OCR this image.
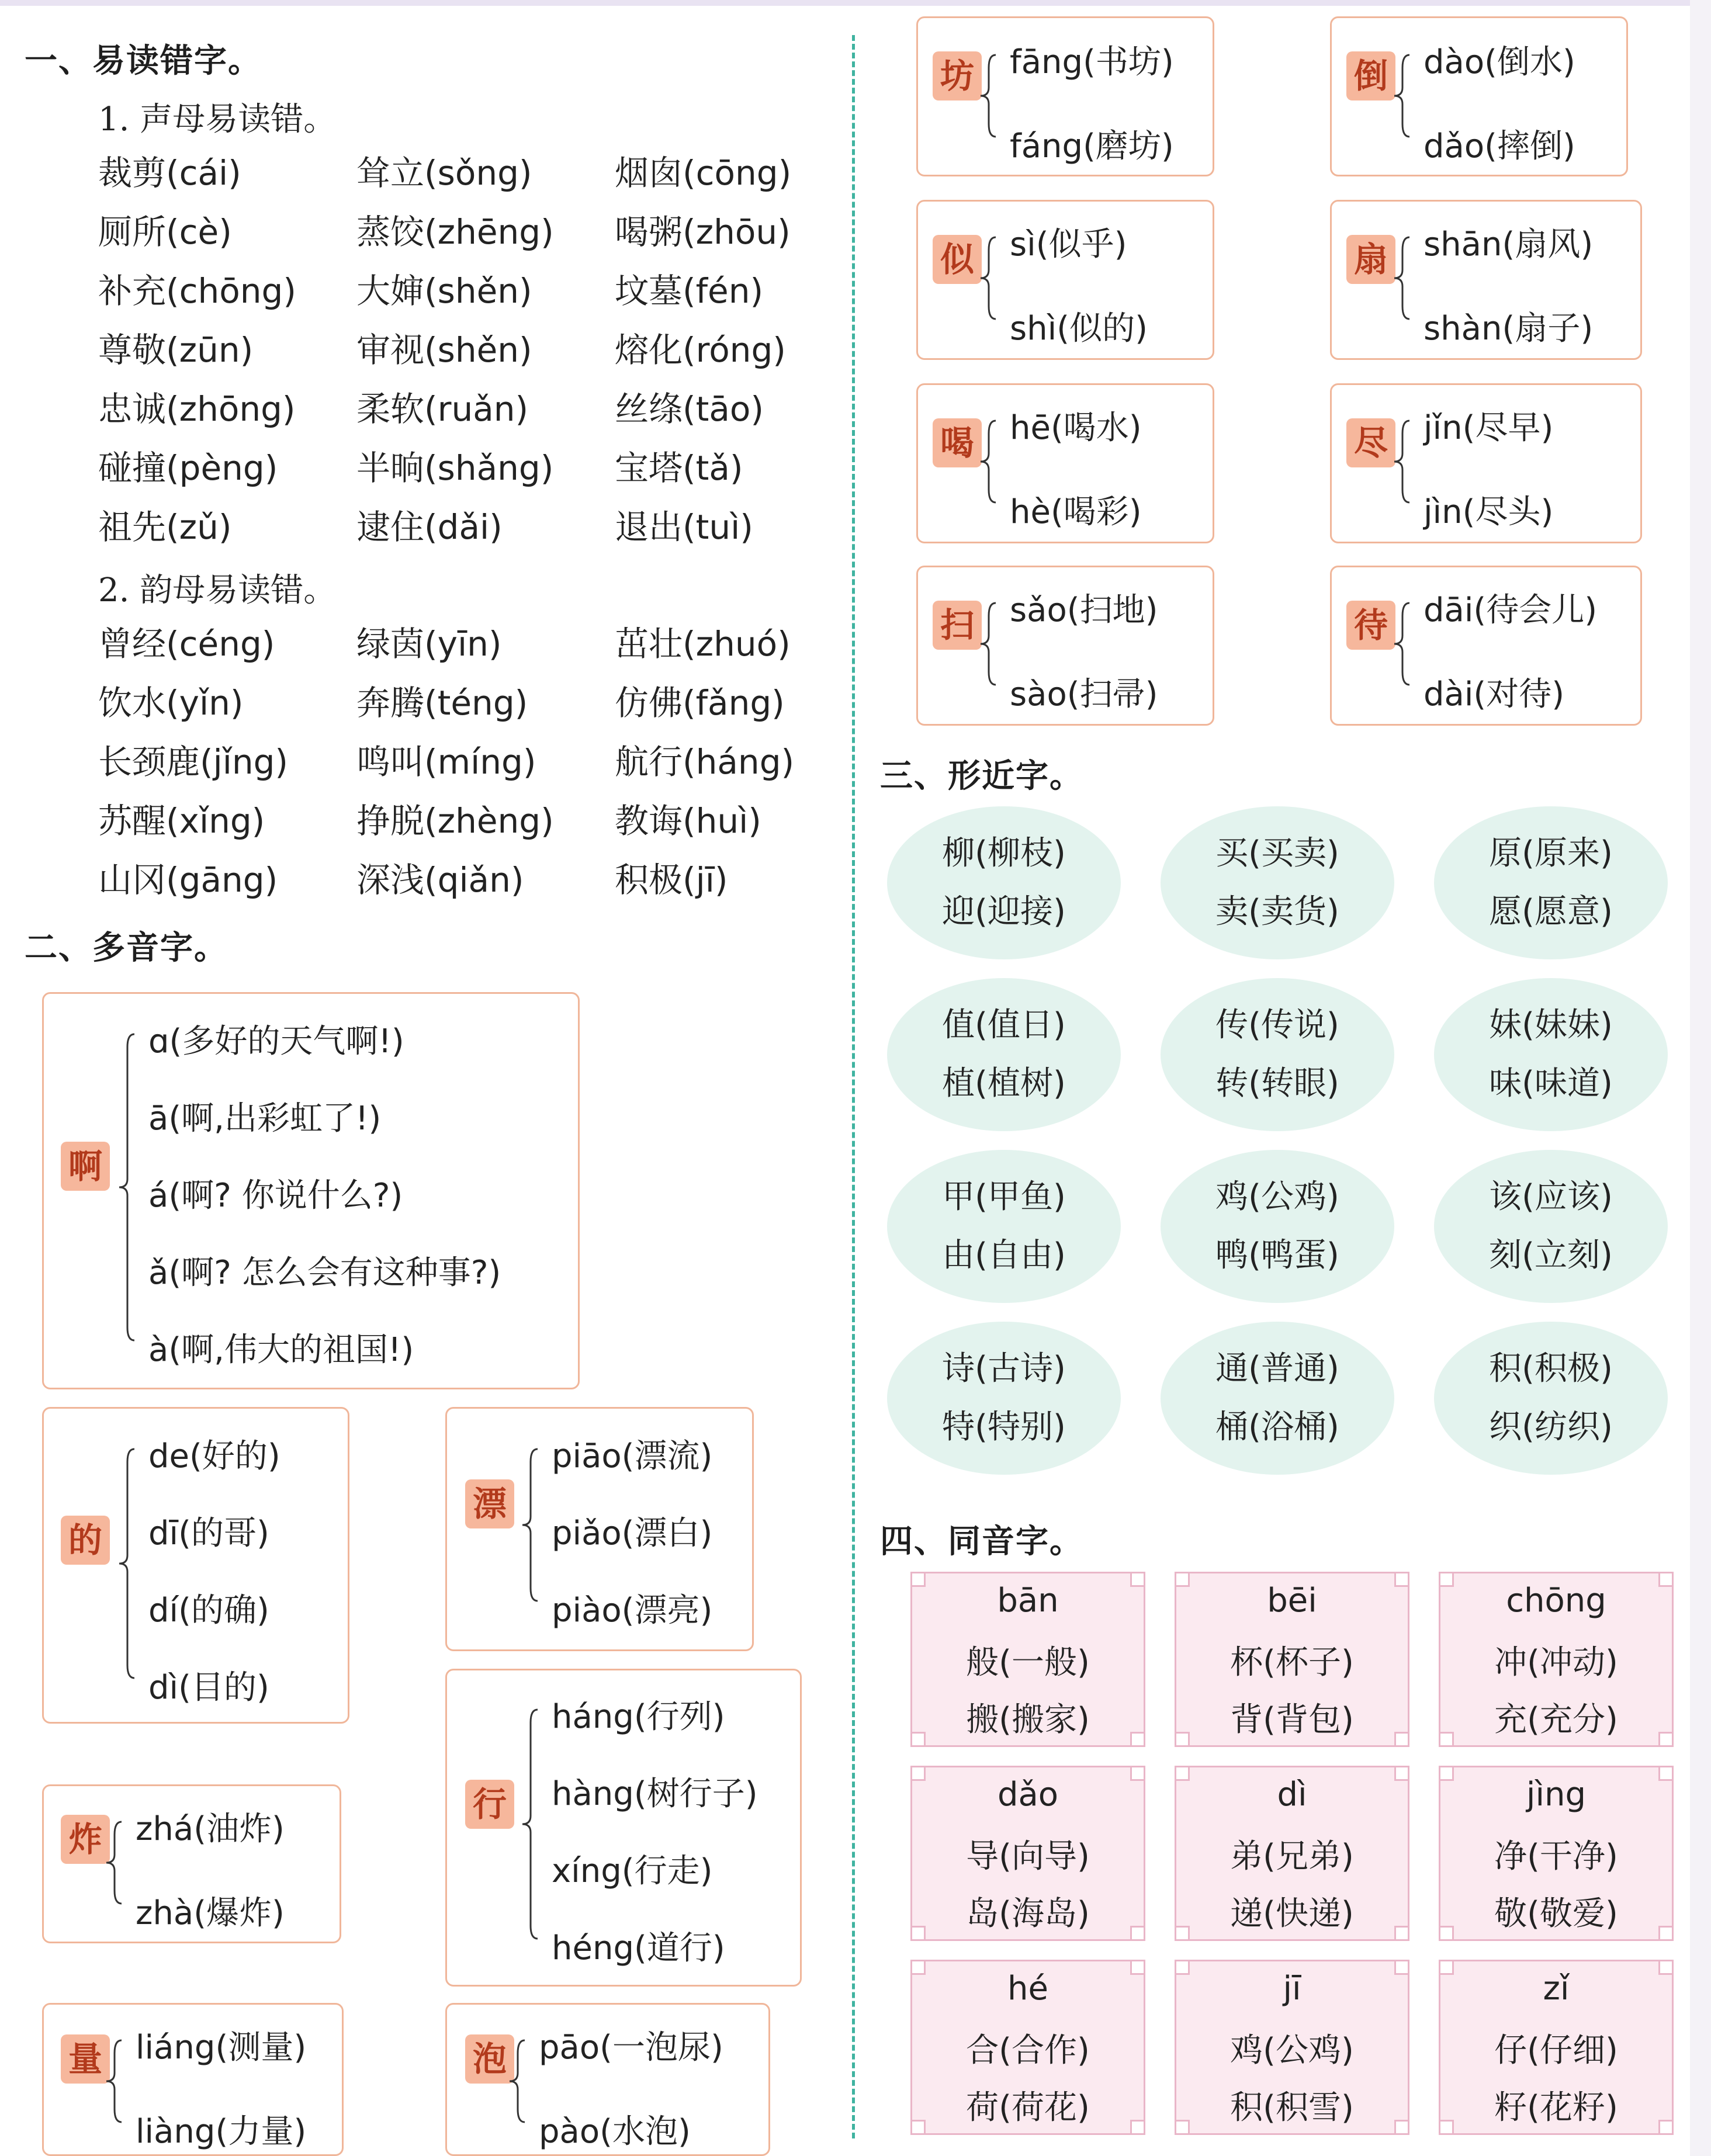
一、易读错字。
1. 声母易读错。
裁剪(cái)	耸立(sǒng)	烟囱(cōng)
厕所(cè)	蒸饺(zhēng)	喝粥(zhōu)
补充(chōng)	大婶(shěn)	坟墓(fén)
尊敬(zūn)	审视(shěn)	熔化(róng)
忠诚(zhōng)	柔软(ruǎn)	丝绦(tāo)
碰撞(pèng)	半晌(shǎng)	宝塔(tǎ)
祖先(zǔ)	逮住(dǎi)	退出(tuì)
2. 韵母易读错。
曾经(céng)	绿茵(yīn)	茁壮(zhuó)
饮水(yǐn)	奔腾(téng)	仿佛(fǎng)
长颈鹿(jǐng)	鸣叫(míng)	航行(háng)
苏醒(xǐng)	挣脱(zhèng)	教诲(huì)
山冈(gāng)	深浅(qiǎn)	积极(jī)
二、多音字。
啊
ɑ(多好的天气啊!)
ā(啊,出彩虹了!)
á(啊? 你说什么?)
ǎ(啊? 怎么会有这种事?)
à(啊,伟大的祖国!)
的
de(好的)
dī(的哥)
dí(的确)
dì(目的)
漂
piāo(漂流)
piǎo(漂白)
piào(漂亮)
炸 zhá(油炸)
zhà(爆炸)
行
háng(行列)
hàng(树行子)
xíng(行走)
héng(道行)
量 liáng(测量)
liàng(力量)
泡 pāo(一泡尿)
pào(水泡)
坊 fāng(书坊)
fáng(磨坊)
倒 dào(倒水)
dǎo(摔倒)
似 sì(似乎)
shì(似的)
扇 shān(扇风)
shàn(扇子)
喝 hē(喝水)
hè(喝彩)
尽 jǐn(尽早)
jìn(尽头)
扫 sǎo(扫地)
sào(扫帚)
待 dāi(待会儿)
dài(对待)
三、形近字。
柳(柳枝)
迎(迎接)
买(买卖)
卖(卖货)
原(原来)
愿(愿意)
值(值日)
植(植树)
传(传说)
转(转眼)
妹(妹妹)
味(味道)
甲(甲鱼)
由(自由)
鸡(公鸡)
鸭(鸭蛋)
该(应该)
刻(立刻)
诗(古诗)
特(特别)
通(普通)
桶(浴桶)
积(积极)
织(纺织)
四、同音字。
bān
般(一般)
搬(搬家)
bēi
杯(杯子)
背(背包)
chōng
冲(冲动)
充(充分)
dǎo
导(向导)
岛(海岛)
dì
弟(兄弟)
递(快递)
jìng
净(干净)
敬(敬爱)
hé
合(合作)
荷(荷花)
jī
鸡(公鸡)
积(积雪)
zǐ
仔(仔细)
籽(花籽)
